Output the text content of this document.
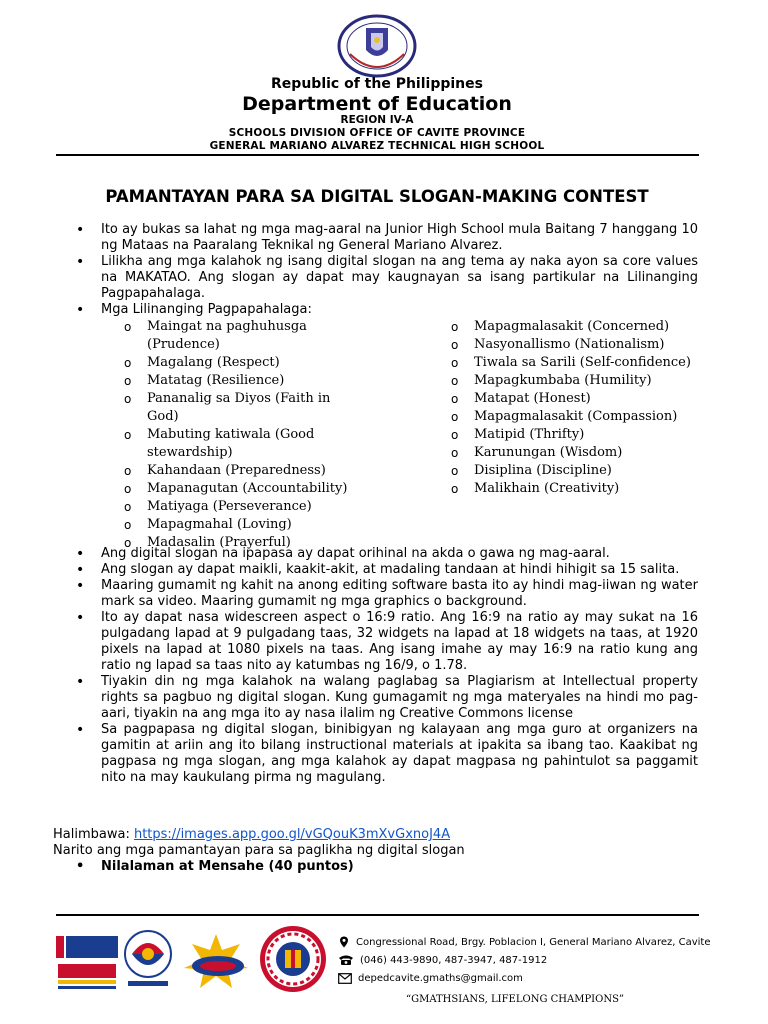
Republic of the Philippines
Department of Education
REGION IV-A
SCHOOLS DIVISION OFFICE OF CAVITE PROVINCE
GENERAL MARIANO ALVAREZ TECHNICAL HIGH SCHOOL
PAMANTAYAN PARA SA DIGITAL SLOGAN-MAKING CONTEST
• Ito ay bukas sa lahat ng mga mag-aaral na Junior High School mula Baitang 7 hanggang 10 ng Mataas na Paaralang Teknikal ng General Mariano Alvarez.
• Lilikha ang mga kalahok ng isang digital slogan na ang tema ay naka ayon sa core values na MAKATAO. Ang slogan ay dapat may kaugnayan sa isang partikular na Lilinanging Pagpapahalaga.
• Mga Lilinanging Pagpapahalaga:
o Maingat na paghuhusga (Prudence)
o Magalang (Respect)
o Matatag (Resilience)
o Pananalig sa Diyos (Faith in God)
o Mabuting katiwala (Good stewardship)
o Kahandaan (Preparedness)
o Mapanagutan (Accountability)
o Matiyaga (Perseverance)
o Mapagmahal (Loving)
o Madasalin (Prayerful)
o Mapagmalasakit (Concerned)
o Nasyonallismo (Nationalism)
o Tiwala sa Sarili (Self-confidence)
o Mapagkumbaba (Humility)
o Matapat (Honest)
o Mapagmalasakit (Compassion)
o Matipid (Thrifty)
o Karunungan (Wisdom)
o Disiplina (Discipline)
o Malikhain (Creativity)
• Ang digital slogan na ipapasa ay dapat orihinal na akda o gawa ng mag-aaral.
• Ang slogan ay dapat maikli, kaakit-akit, at madaling tandaan at hindi hihigit sa 15 salita.
• Maaring gumamit ng kahit na anong editing software basta ito ay hindi mag-iiwan ng water mark sa video. Maaring gumamit ng mga graphics o background.
• Ito ay dapat nasa widescreen aspect o 16:9 ratio. Ang 16:9 na ratio ay may sukat na 16 pulgadang lapad at 9 pulgadang taas, 32 widgets na lapad at 18 widgets na taas, at 1920 pixels na lapad at 1080 pixels na taas. Ang isang imahe ay may 16:9 na ratio kung ang ratio ng lapad sa taas nito ay katumbas ng 16/9, o 1.78.
• Tiyakin din ng mga kalahok na walang paglabag sa Plagiarism at Intellectual property rights sa pagbuo ng digital slogan. Kung gumagamit ng mga materyales na hindi mo pag-aari, tiyakin na ang mga ito ay nasa ilalim ng Creative Commons license
• Sa pagpapasa ng digital slogan, binibigyan ng kalayaan ang mga guro at organizers na gamitin at ariin ang ito bilang instructional materials at ipakita sa ibang tao. Kaakibat ng pagpasa ng mga slogan, ang mga kalahok ay dapat magpasa ng pahintulot sa paggamit nito na may kaukulang pirma ng magulang.
Halimbawa: https://images.app.goo.gl/vGQouK3mXvGxnoJ4A
Narito ang mga pamantayan para sa paglikha ng digital slogan
• Nilalaman at Mensahe (40 puntos)
Congressional Road, Brgy. Poblacion I, General Mariano Alvarez, Cavite
(046) 443-9890, 487-3947, 487-1912
depedcavite.gmaths@gmail.com
“GMATHSIANS, LIFELONG CHAMPIONS”
